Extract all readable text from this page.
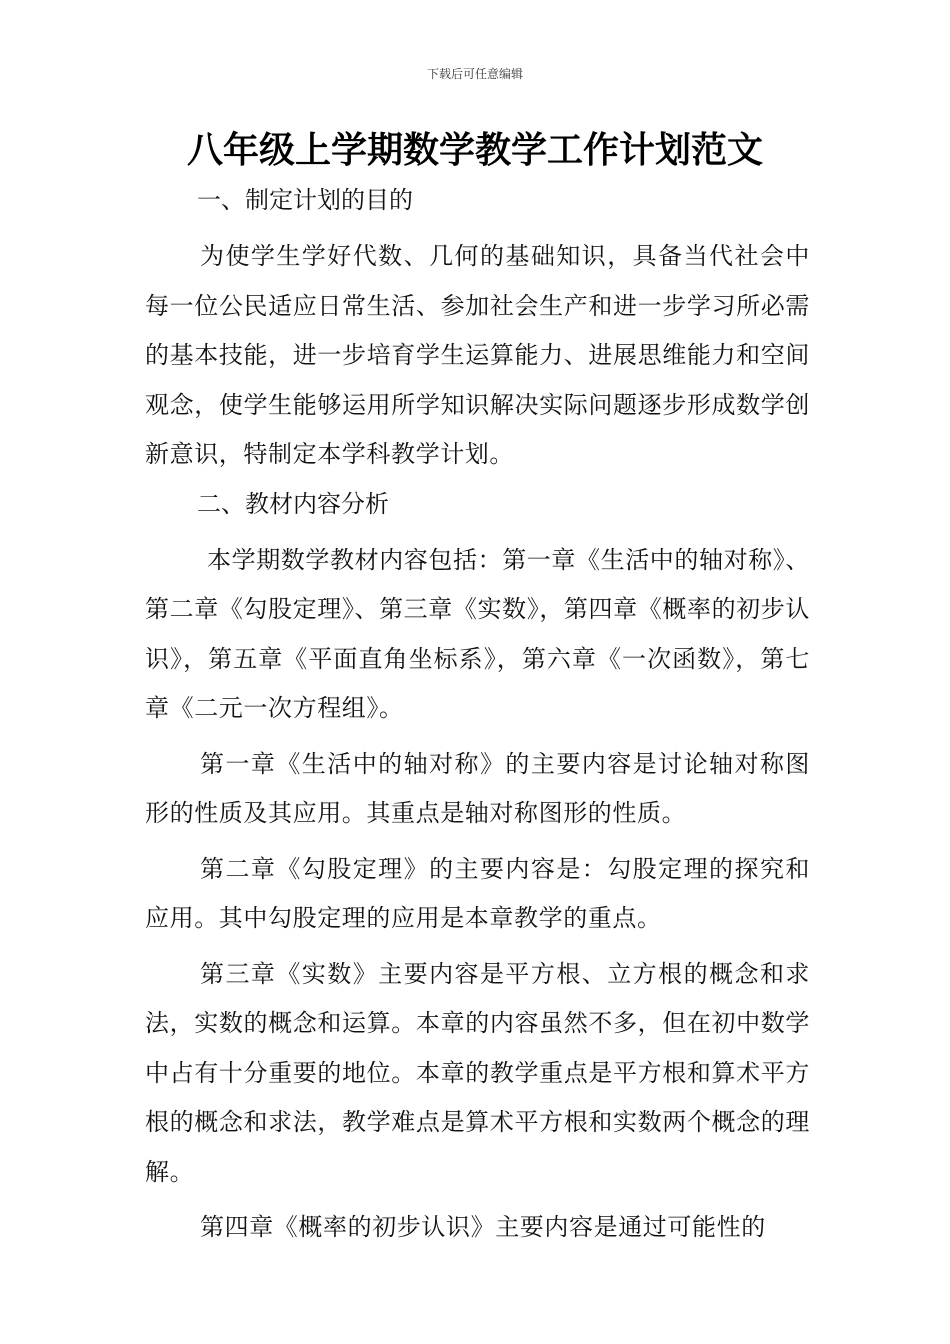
下载后可任意编辑
八年级上学期数学教学工作计划范文

一、制定计划的目的

为使学生学好代数、几何的基础知识，具备当代社会中每一位公民适应日常生活、参加社会生产和进一步学习所必需的基本技能，进一步培育学生运算能力、进展思维能力和空间观念，使学生能够运用所学知识解决实际问题逐步形成数学创新意识，特制定本学科教学计划。

二、教材内容分析

本学期数学教材内容包括：第一章《生活中的轴对称》、第二章《勾股定理》、第三章《实数》，第四章《概率的初步认识》，第五章《平面直角坐标系》，第六章《一次函数》，第七章《二元一次方程组》。

第一章《生活中的轴对称》的主要内容是讨论轴对称图形的性质及其应用。其重点是轴对称图形的性质。

第二章《勾股定理》的主要内容是：勾股定理的探究和应用。其中勾股定理的应用是本章教学的重点。

第三章《实数》主要内容是平方根、立方根的概念和求法，实数的概念和运算。本章的内容虽然不多，但在初中数学中占有十分重要的地位。本章的教学重点是平方根和算术平方根的概念和求法，教学难点是算术平方根和实数两个概念的理解。

第四章《概率的初步认识》主要内容是通过可能性的
